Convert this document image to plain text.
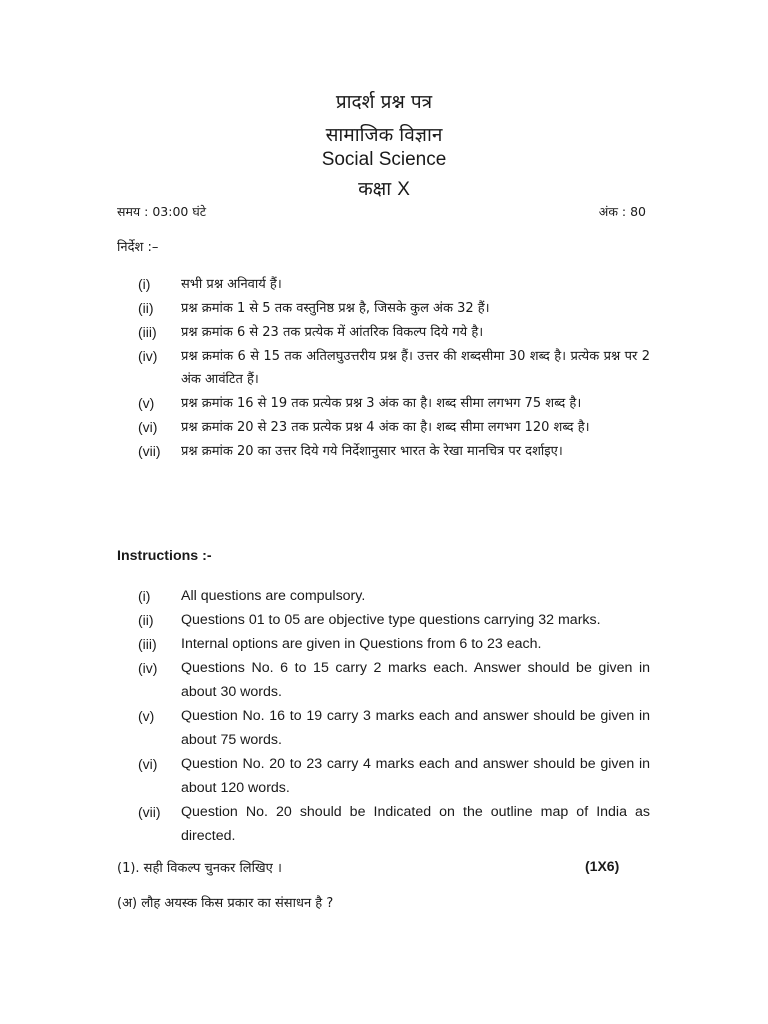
प्रादर्श प्रश्न पत्र
सामाजिक विज्ञान
Social Science
कक्षा X
समय : 03:00 घंटे	अंक : 80
निर्देश :–
(i)	सभी प्रश्न अनिवार्य हैं।
(ii)	प्रश्न क्रमांक 1 से 5 तक वस्तुनिष्ठ प्रश्न है, जिसके कुल अंक 32 हैं।
(iii)	प्रश्न क्रमांक 6 से 23 तक प्रत्येक में आंतरिक विकल्प दिये गये है।
(iv)	प्रश्न क्रमांक 6 से 15 तक अतिलघुउत्तरीय प्रश्न हैं। उत्तर की शब्दसीमा 30 शब्द है। प्रत्येक प्रश्न पर 2 अंक आवंटित हैं।
(v)	प्रश्न क्रमांक 16 से 19 तक प्रत्येक प्रश्न 3 अंक का है। शब्द सीमा लगभग 75 शब्द है।
(vi)	प्रश्न क्रमांक 20 से 23 तक प्रत्येक प्रश्न 4 अंक का है। शब्द सीमा लगभग 120 शब्द है।
(vii)	प्रश्न क्रमांक 20 का उत्तर दिये गये निर्देशानुसार भारत के रेखा मानचित्र पर दर्शाइए।
Instructions :-
(i)	All questions are compulsory.
(ii)	Questions 01 to 05 are objective type questions carrying 32 marks.
(iii)	Internal options are given in Questions from 6 to 23 each.
(iv)	Questions No. 6 to 15 carry 2 marks each. Answer should be given in about 30 words.
(v)	Question No. 16 to 19 carry 3 marks each and answer should be given in about 75 words.
(vi)	Question No. 20 to 23 carry 4 marks each and answer should be given in about 120 words.
(vii)	Question No. 20 should be Indicated on the outline map of India as directed.
(1). सही विकल्प चुनकर लिखिए ।	(1X6)
(अ) लौह अयस्क किस प्रकार का संसाधन है ?
